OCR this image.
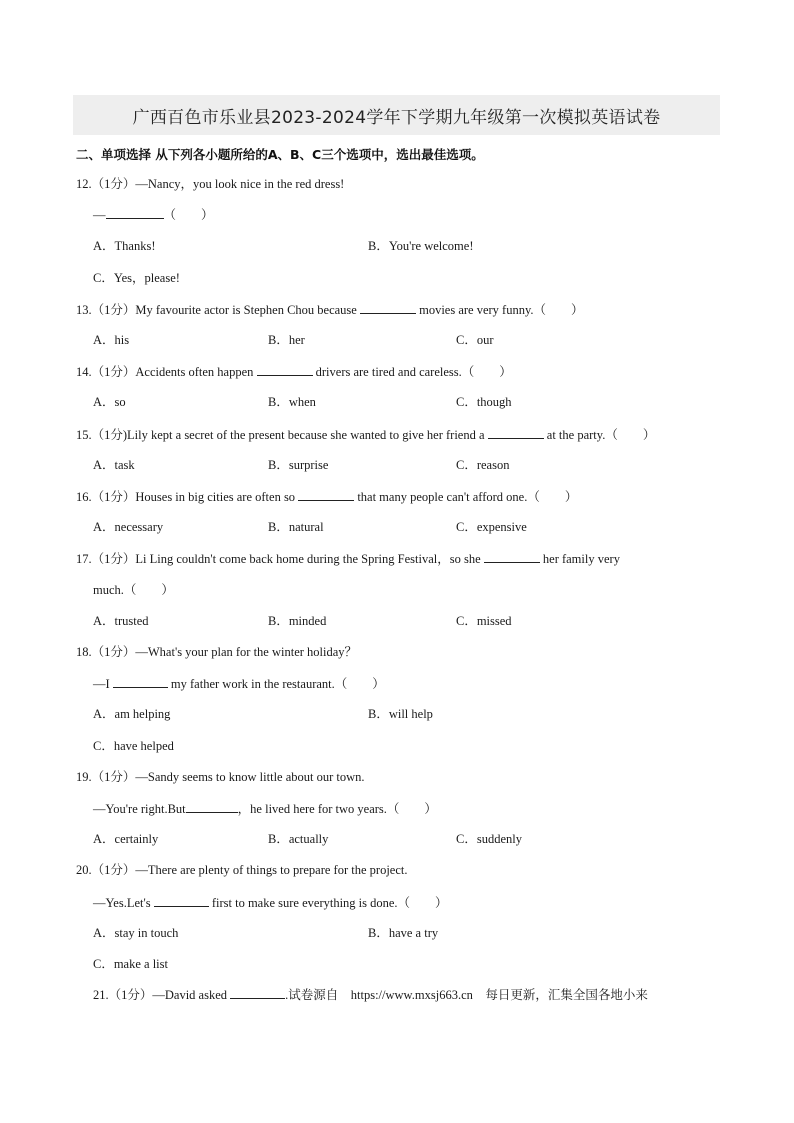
广西百色市乐业县2023-2024学年下学期九年级第一次模拟英语试卷
二、单项选择 从下列各小题所给的A、B、C三个选项中，选出最佳选项。
12.（1分）—Nancy，you look nice in the red dress!
—	（　　）
A．Thanks!	B．You're welcome!
C．Yes，please!
13.（1分）My favourite actor is Stephen Chou because	movies are very funny.（　　）
A．his	B．her	C．our
14.（1分）Accidents often happen	drivers are tired and careless.（　　）
A．so	B．when	C．though
15.（1分)Lily kept a secret of the present because she wanted to give her friend a	at the party.（　　）
A．task	B．surprise	C．reason
16.（1分）Houses in big cities are often so	that many people can't afford one.（　　）
A．necessary	B．natural	C．expensive
17.（1分）Li Ling couldn't come back home during the Spring Festival，so she	her family very
much.（　　）
A．trusted	B．minded	C．missed
18.（1分）—What's your plan for the winter holiday？
—I	my father work in the restaurant.（　　）
A．am helping	B．will help
C．have helped
19.（1分）—Sandy seems to know little about our town.
—You're right.But	，he lived here for two years.（　　）
A．certainly	B．actually	C．suddenly
20.（1分）—There are plenty of things to prepare for the project.
—Yes.Let's	first to make sure everything is done.（　　）
A．stay in touch	B．have a try
C．make a list
21.（1分）—David asked	.试卷源自　https://www.mxsj663.cn　每日更新，汇集全国各地小来
